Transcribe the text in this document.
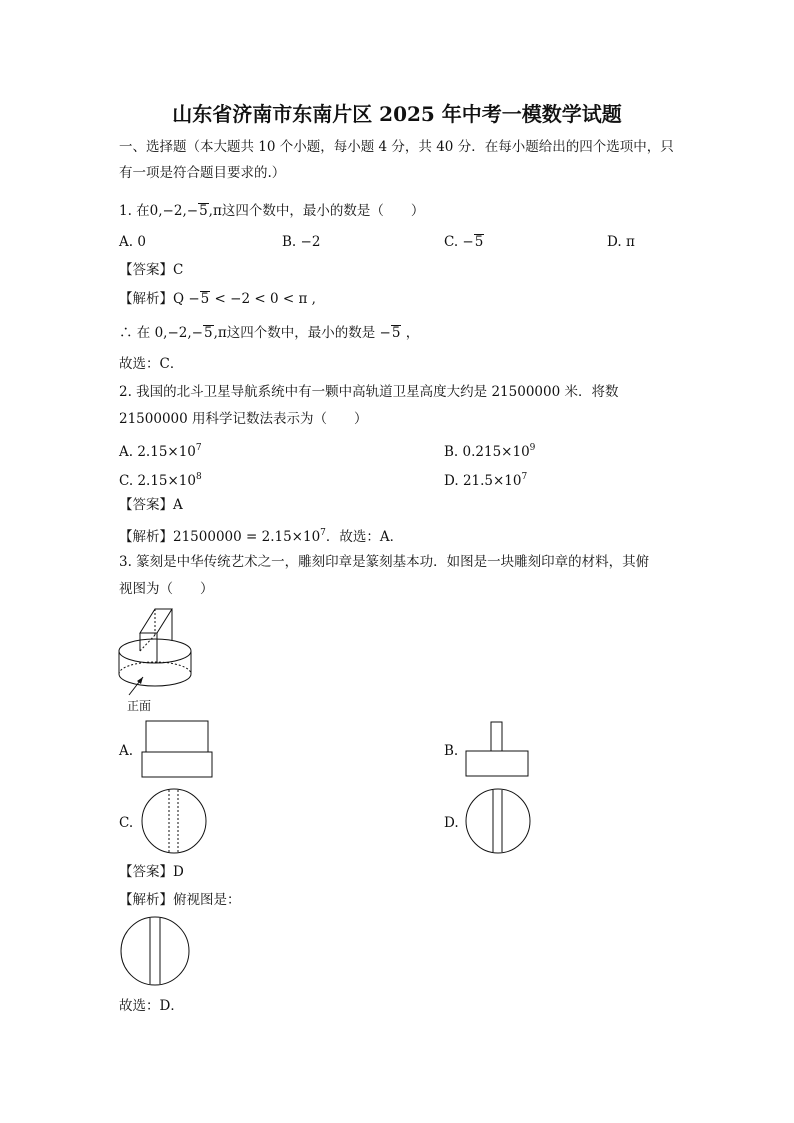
山东省济南市东南片区 2025 年中考一模数学试题
一、选择题（本大题共 10 个小题，每小题 4 分，共 40 分．在每小题给出的四个选项中，只
有一项是符合题目要求的.）
1. 在0,−2,−5,π这四个数中，最小的数是（　　）
A. 0	B. −2	C. −5	D. π
【答案】C
【解析】Q −5 < −2 < 0 < π ,
∴ 在 0,−2,−5,π这四个数中，最小的数是 −5 ，
故选：C．
2. 我国的北斗卫星导航系统中有一颗中高轨道卫星高度大约是 21500000 米．将数
21500000 用科学记数法表示为（　　）
A. $2.15\times 10^7$	B. $0.215\times 10^9$
C. $2.15\times 10^8$	D. $21.5\times 10^7$
【答案】A
【解析】$21500000 = 2.15\times 10^7$．故选：A．
3. 篆刻是中华传统艺术之一，雕刻印章是篆刻基本功．如图是一块雕刻印章的材料，其俯
视图为（　　）
正面
A.	B.
C.	D.
【答案】D
【解析】俯视图是：
故选：D．
